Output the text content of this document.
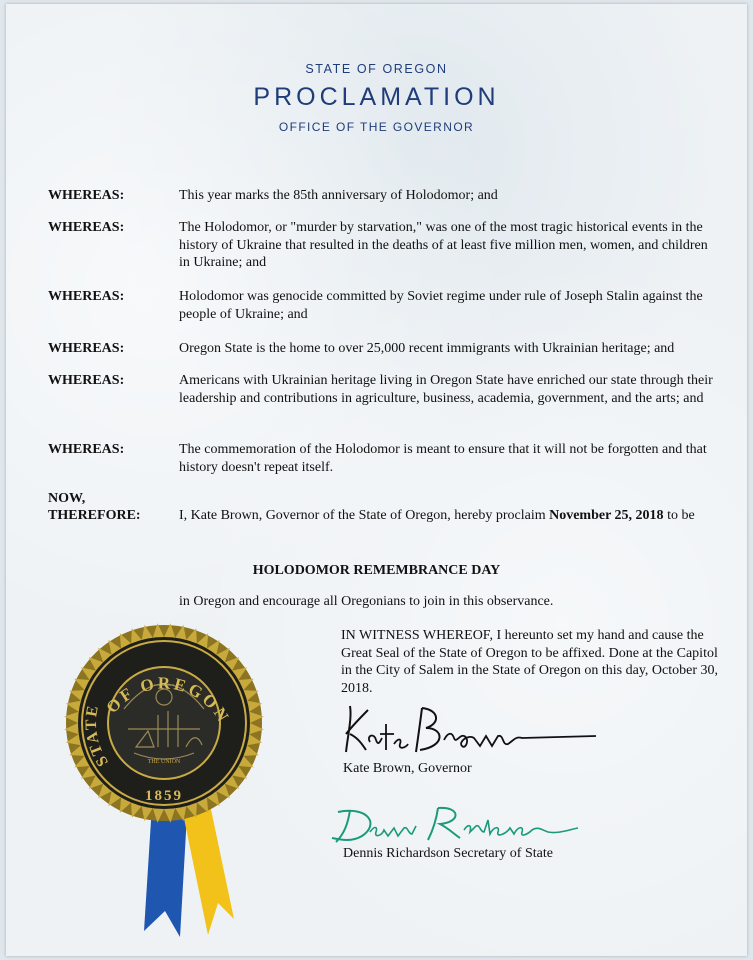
STATE OF OREGON
PROCLAMATION
OFFICE OF THE GOVERNOR
WHEREAS:	This year marks the 85th anniversary of Holodomor; and
WHEREAS:	The Holodomor, or "murder by starvation," was one of the most tragic historical events in the history of Ukraine that resulted in the deaths of at least five million men, women, and children in Ukraine; and
WHEREAS:	Holodomor was genocide committed by Soviet regime under rule of Joseph Stalin against the people of Ukraine; and
WHEREAS:	Oregon State is the home to over 25,000 recent immigrants with Ukrainian heritage; and
WHEREAS:	Americans with Ukrainian heritage living in Oregon State have enriched our state through their leadership and contributions in agriculture, business, academia, government, and the arts; and
WHEREAS:	The commemoration of the Holodomor is meant to ensure that it will not be forgotten and that history doesn't repeat itself.
NOW,
THEREFORE:	I, Kate Brown, Governor of the State of Oregon, hereby proclaim November 25, 2018 to be
HOLODOMOR REMEMBRANCE DAY
in Oregon and encourage all Oregonians to join in this observance.
IN WITNESS WHEREOF, I hereunto set my hand and cause the Great Seal of the State of Oregon to be affixed. Done at the Capitol in the City of Salem in the State of Oregon on this day, October 30, 2018.
Kate Brown, Governor
Dennis Richardson Secretary of State
THE UNION
OF OREGON
STATE
1859
